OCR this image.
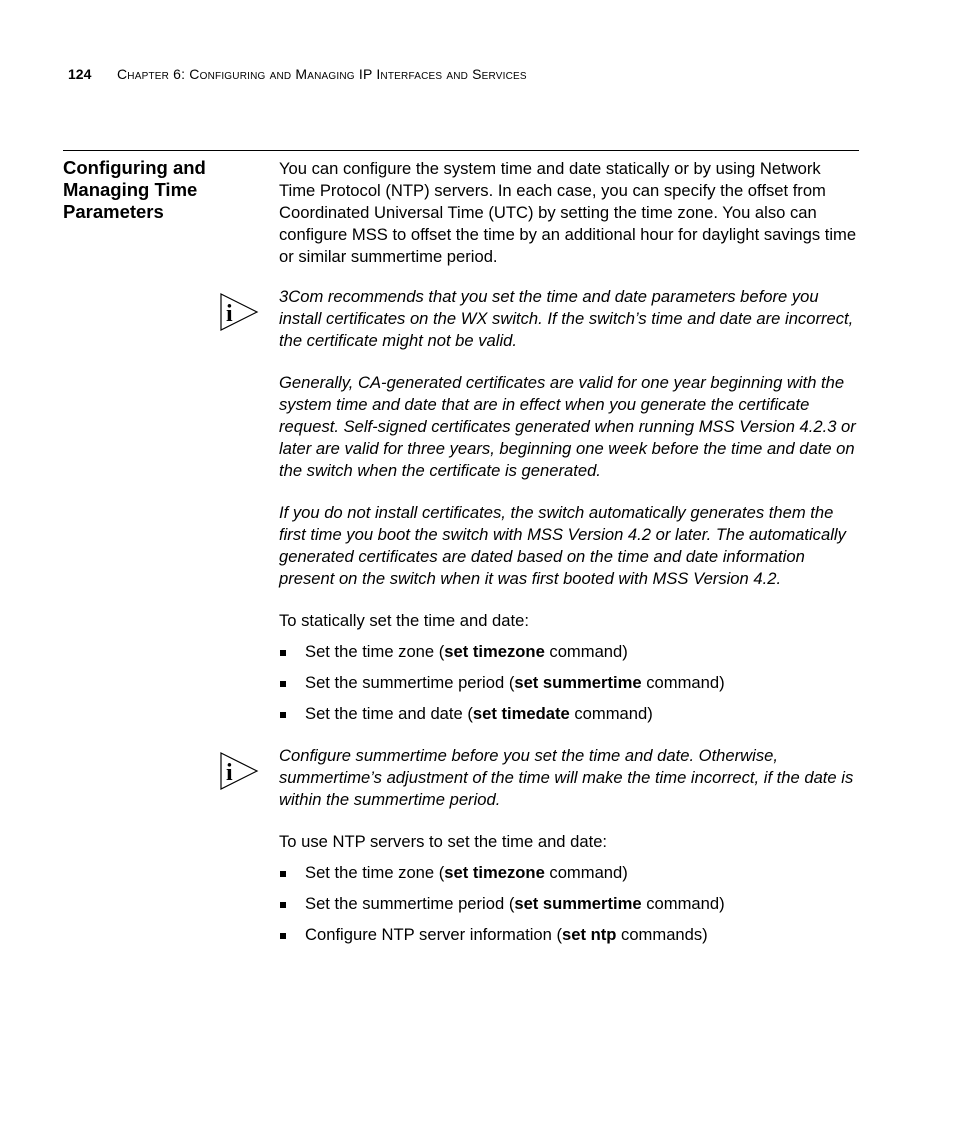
124 Chapter 6: Configuring and Managing IP Interfaces and Services
Configuring and Managing Time Parameters

You can configure the system time and date statically or by using Network Time Protocol (NTP) servers. In each case, you can specify the offset from Coordinated Universal Time (UTC) by setting the time zone. You also can configure MSS to offset the time by an additional hour for daylight savings time or similar summertime period.

i

3Com recommends that you set the time and date parameters before you install certificates on the WX switch. If the switch’s time and date are incorrect, the certificate might not be valid.

Generally, CA-generated certificates are valid for one year beginning with the system time and date that are in effect when you generate the certificate request. Self-signed certificates generated when running MSS Version 4.2.3 or later are valid for three years, beginning one week before the time and date on the switch when the certificate is generated.

If you do not install certificates, the switch automatically generates them the first time you boot the switch with MSS Version 4.2 or later. The automatically generated certificates are dated based on the time and date information present on the switch when it was first booted with MSS Version 4.2.

To statically set the time and date:

Set the time zone (set timezone command)
Set the summertime period (set summertime command)
Set the time and date (set timedate command)
i

Configure summertime before you set the time and date. Otherwise, summertime’s adjustment of the time will make the time incorrect, if the date is within the summertime period.

To use NTP servers to set the time and date:

Set the time zone (set timezone command)
Set the summertime period (set summertime command)
Configure NTP server information (set ntp commands)
